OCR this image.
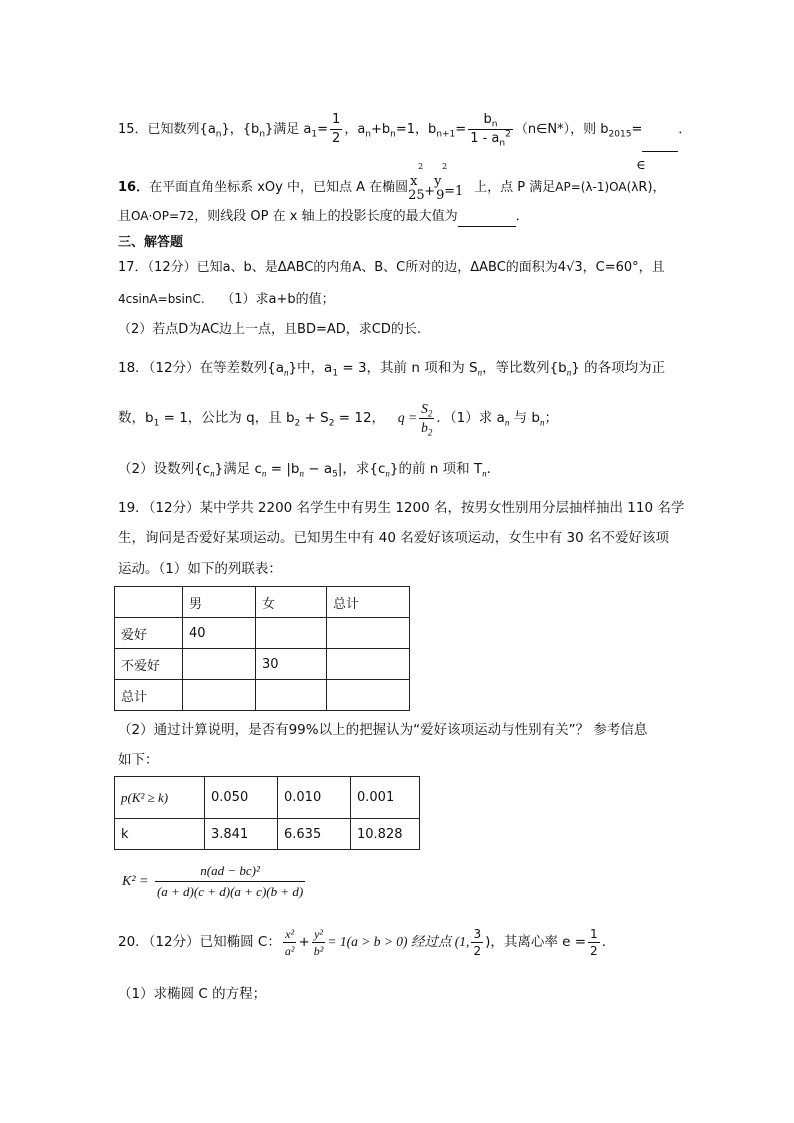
15．已知数列$\{a_n\}$，$\{b_n\}$满足 $a_1= \frac{1}{2}$ ，$a_n+b_n=1$，$b_{n+1}= \frac{b_n}{1 - a_n^2}$ （n∈N*），则 $b_{2015}=$	．
∈
16．在平面直角坐标系 xOy 中，已知点 A 在椭圆 x
2
y
2
25 + 9 =1 上，点 P 满足AP=(λ-1)OA(λR)，
且OA·OP=72，则线段 OP 在 x 轴上的投影长度的最大值为	．
三、解答题
17．（12分）已知a、b、是ΔABC的内角A、B、C所对的边，ΔABC的面积为4√3，C=60°，且
4csinA=bsinC. （1）求a+b的值；
（2）若点D为AC边上一点，且BD=AD，求CD的长.
18．（12分）在等差数列$\{a_n\}$中，$a_1 = 3$，其前 n 项和为 $S_n$，等比数列$\{b_n\}$ 的各项均为正
数，$b_1 = 1$，公比为 q，且 $b_2 + S_2 = 12$， $q = \frac{S_2}{b_2}$ ．（1）求 $a_n$ 与 $b_n$；
（2）设数列$\{c_n\}$满足 $c_n = |b_n - a_5|$，求$\{c_n\}$的前 n 项和 $T_n$．
19．（12分）某中学共 2200 名学生中有男生 1200 名，按男女性别用分层抽样抽出 110 名学
生，询问是否爱好某项运动。已知男生中有 40 名爱好该项运动，女生中有 30 名不爱好该项
运动。（1）如下的列联表：
	男	女	总计
爱好	40		
不爱好		30	
总计			
（2）通过计算说明，是否有99%以上的把握认为“爱好该项运动与性别有关”？ 参考信息
如下：
p(K² ≥ k)	0.050	0.010	0.001
k	3.841	6.635	10.828
$K^2 = \frac{\text{n(ad − bc)²}}{(a + d)(c + d)(a + c)(b + d)}$
20．（12分）已知椭圆 C： $\frac{\text{x²}}{\text{a²}} + \frac{\text{y²}}{\text{b²}} = 1(a > b > 0)$ 经过点 (1, $\frac{3}{2}$ )，其离心率 $e = \frac{1}{2}$ ．
（1）求椭圆 C 的方程；
